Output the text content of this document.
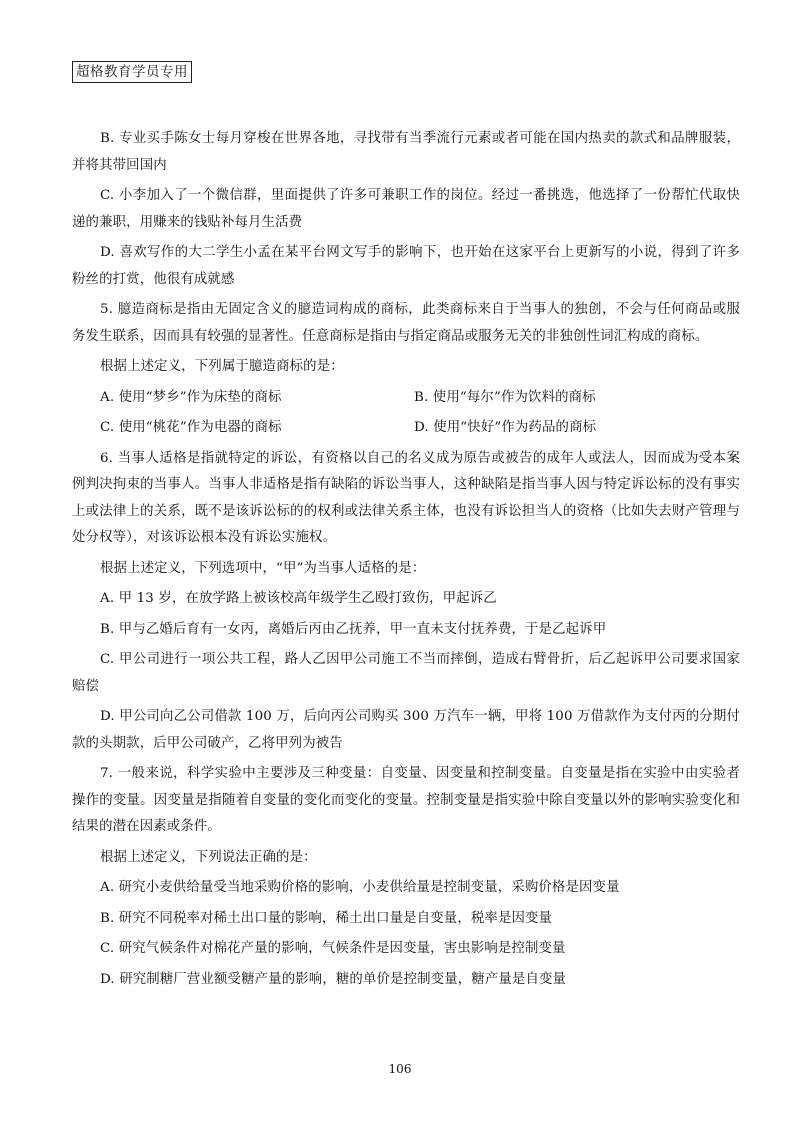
超格教育学员专用

B. 专业买手陈女士每月穿梭在世界各地，寻找带有当季流行元素或者可能在国内热卖的款式和品牌服装，并将其带回国内

C. 小李加入了一个微信群，里面提供了许多可兼职工作的岗位。经过一番挑选，他选择了一份帮忙代取快递的兼职，用赚来的钱贴补每月生活费

D. 喜欢写作的大二学生小孟在某平台网文写手的影响下，也开始在这家平台上更新写的小说，得到了许多粉丝的打赏，他很有成就感

5. 臆造商标是指由无固定含义的臆造词构成的商标，此类商标来自于当事人的独创，不会与任何商品或服务发生联系，因而具有较强的显著性。任意商标是指由与指定商品或服务无关的非独创性词汇构成的商标。

根据上述定义，下列属于臆造商标的是：

A. 使用“梦乡”作为床垫的商标	B. 使用“每尔”作为饮料的商标
C. 使用“桃花”作为电器的商标	D. 使用“快好”作为药品的商标

6. 当事人适格是指就特定的诉讼，有资格以自己的名义成为原告或被告的成年人或法人，因而成为受本案例判决拘束的当事人。当事人非适格是指有缺陷的诉讼当事人，这种缺陷是指当事人因与特定诉讼标的没有事实上或法律上的关系，既不是该诉讼标的的权利或法律关系主体，也没有诉讼担当人的资格（比如失去财产管理与处分权等），对该诉讼根本没有诉讼实施权。

根据上述定义，下列选项中，“甲”为当事人适格的是：

A. 甲 13 岁，在放学路上被该校高年级学生乙殴打致伤，甲起诉乙

B. 甲与乙婚后育有一女丙，离婚后丙由乙抚养，甲一直未支付抚养费，于是乙起诉甲

C. 甲公司进行一项公共工程，路人乙因甲公司施工不当而摔倒，造成右臂骨折，后乙起诉甲公司要求国家赔偿

D. 甲公司向乙公司借款 100 万，后向丙公司购买 300 万汽车一辆，甲将 100 万借款作为支付丙的分期付款的头期款，后甲公司破产，乙将甲列为被告

7. 一般来说，科学实验中主要涉及三种变量：自变量、因变量和控制变量。自变量是指在实验中由实验者操作的变量。因变量是指随着自变量的变化而变化的变量。控制变量是指实验中除自变量以外的影响实验变化和结果的潜在因素或条件。

根据上述定义，下列说法正确的是：

A. 研究小麦供给量受当地采购价格的影响，小麦供给量是控制变量，采购价格是因变量

B. 研究不同税率对稀土出口量的影响，稀土出口量是自变量，税率是因变量

C. 研究气候条件对棉花产量的影响，气候条件是因变量，害虫影响是控制变量

D. 研究制糖厂营业额受糖产量的影响，糖的单价是控制变量，糖产量是自变量

106
